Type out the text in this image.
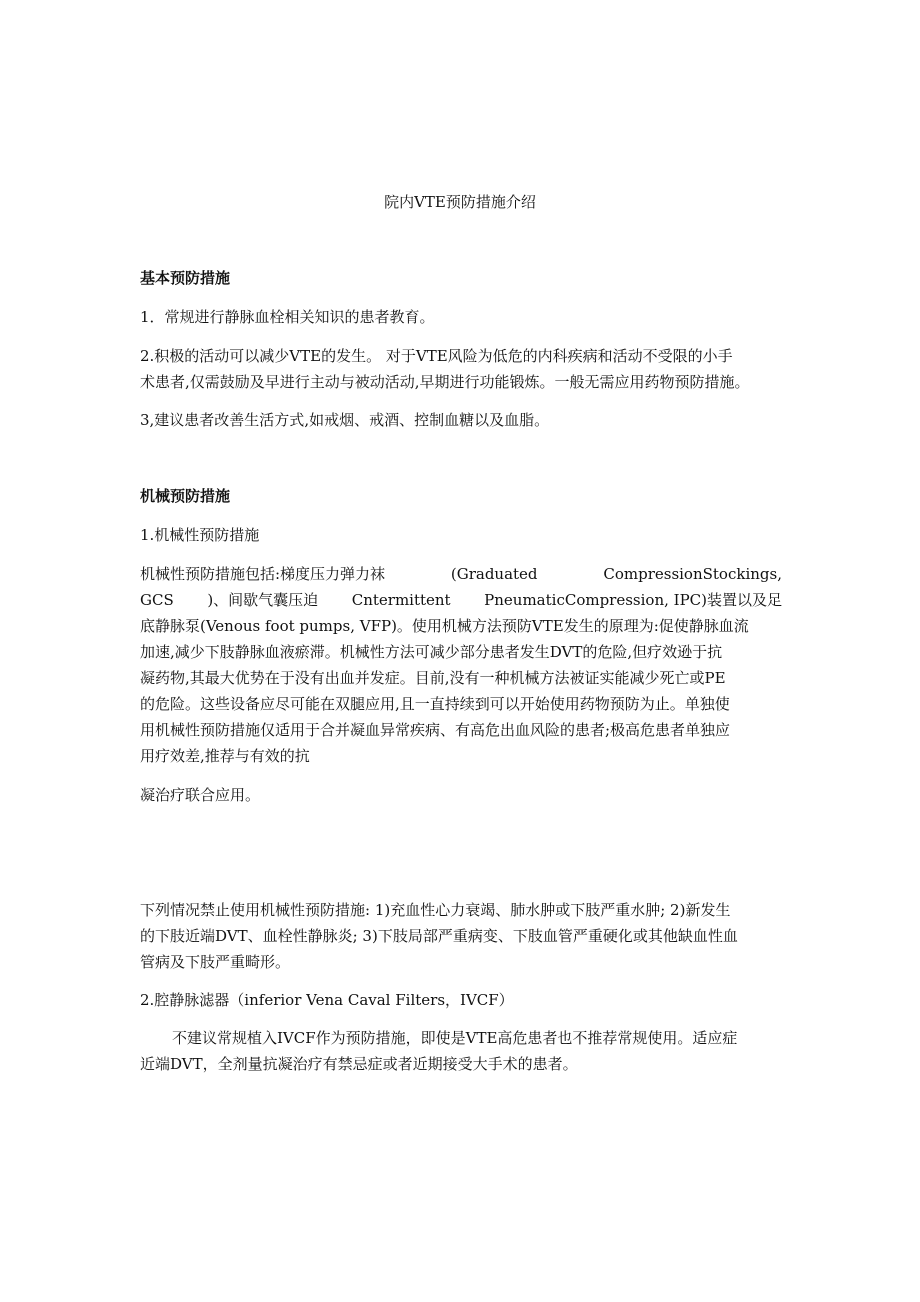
院内VTE预防措施介绍

基本预防措施

1．常规进行静脉血栓相关知识的患者教育。

2.积极的活动可以减少VTE的发生。 对于VTE风险为低危的内科疾病和活动不受限的小手

术患者,仅需鼓励及早进行主动与被动活动,早期进行功能锻炼。一般无需应用药物预防措施。

3,建议患者改善生活方式,如戒烟、戒酒、控制血糖以及血脂。

机械预防措施

1.机械性预防措施

机械性预防措施包括:梯度压力弹力袜	(Graduated	CompressionStockings,
GCS )、间歇气囊压迫 Cntermittent PneumaticCompression, IPC)装置以及足

底静脉泵(Venous foot pumps, VFP)。使用机械方法预防VTE发生的原理为:促使静脉血流

加速,减少下肢静脉血液瘀滞。机械性方法可减少部分患者发生DVT的危险,但疗效逊于抗

凝药物,其最大优势在于没有出血并发症。目前,没有一种机械方法被证实能减少死亡或PE

的危险。这些设备应尽可能在双腿应用,且一直持续到可以开始使用药物预防为止。单独使

用机械性预防措施仅适用于合并凝血异常疾病、有高危出血风险的患者;极高危患者单独应

用疗效差,推荐与有效的抗

凝治疗联合应用。

下列情况禁止使用机械性预防措施: 1)充血性心力衰竭、肺水肿或下肢严重水肿; 2)新发生

的下肢近端DVT、血栓性静脉炎; 3)下肢局部严重病变、下肢血管严重硬化或其他缺血性血

管病及下肢严重畸形。

2.腔静脉滤器（inferior Vena Caval Filters，IVCF）

不建议常规植入IVCF作为预防措施，即使是VTE高危患者也不推荐常规使用。适应症

近端DVT，全剂量抗凝治疗有禁忌症或者近期接受大手术的患者。
